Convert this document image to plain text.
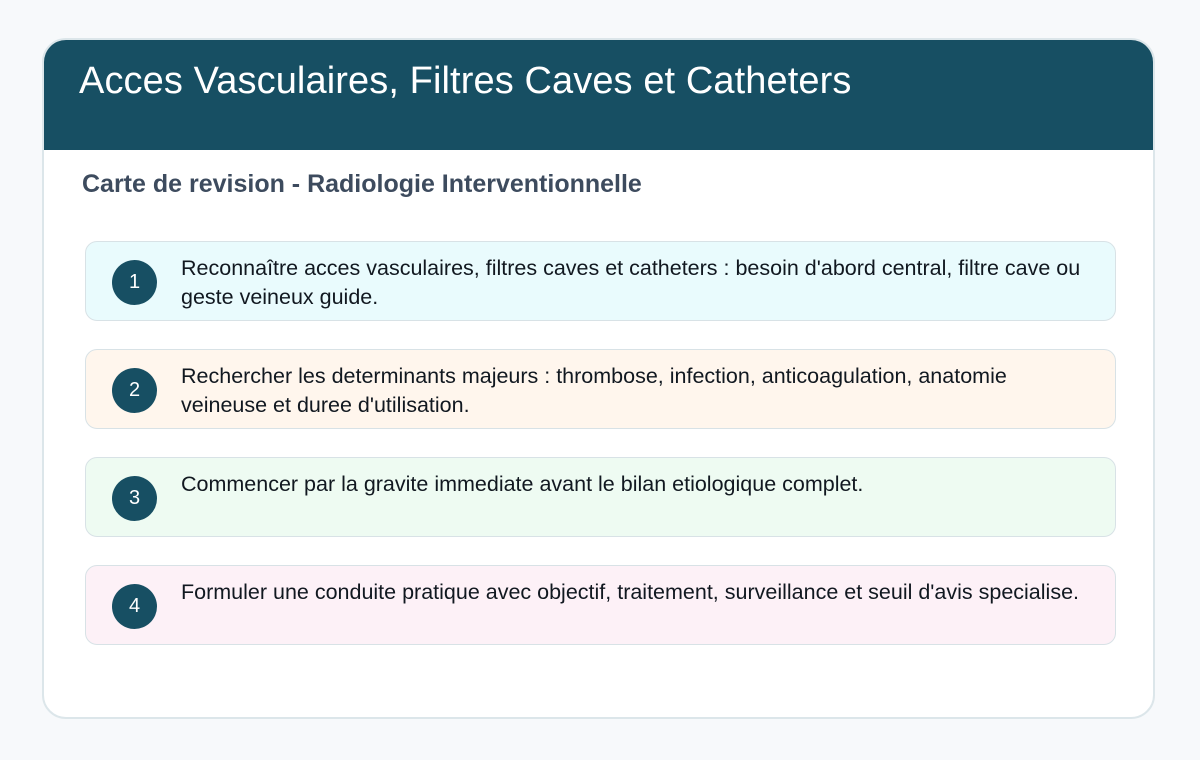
Acces Vasculaires, Filtres Caves et Catheters
Carte de revision - Radiologie Interventionnelle
1

Reconnaître acces vasculaires, filtres caves et catheters : besoin d'abord central, filtre cave ou geste veineux guide.

2

Rechercher les determinants majeurs : thrombose, infection, anticoagulation, anatomie veineuse et duree d'utilisation.

3

Commencer par la gravite immediate avant le bilan etiologique complet.

4

Formuler une conduite pratique avec objectif, traitement, surveillance et seuil d'avis specialise.
